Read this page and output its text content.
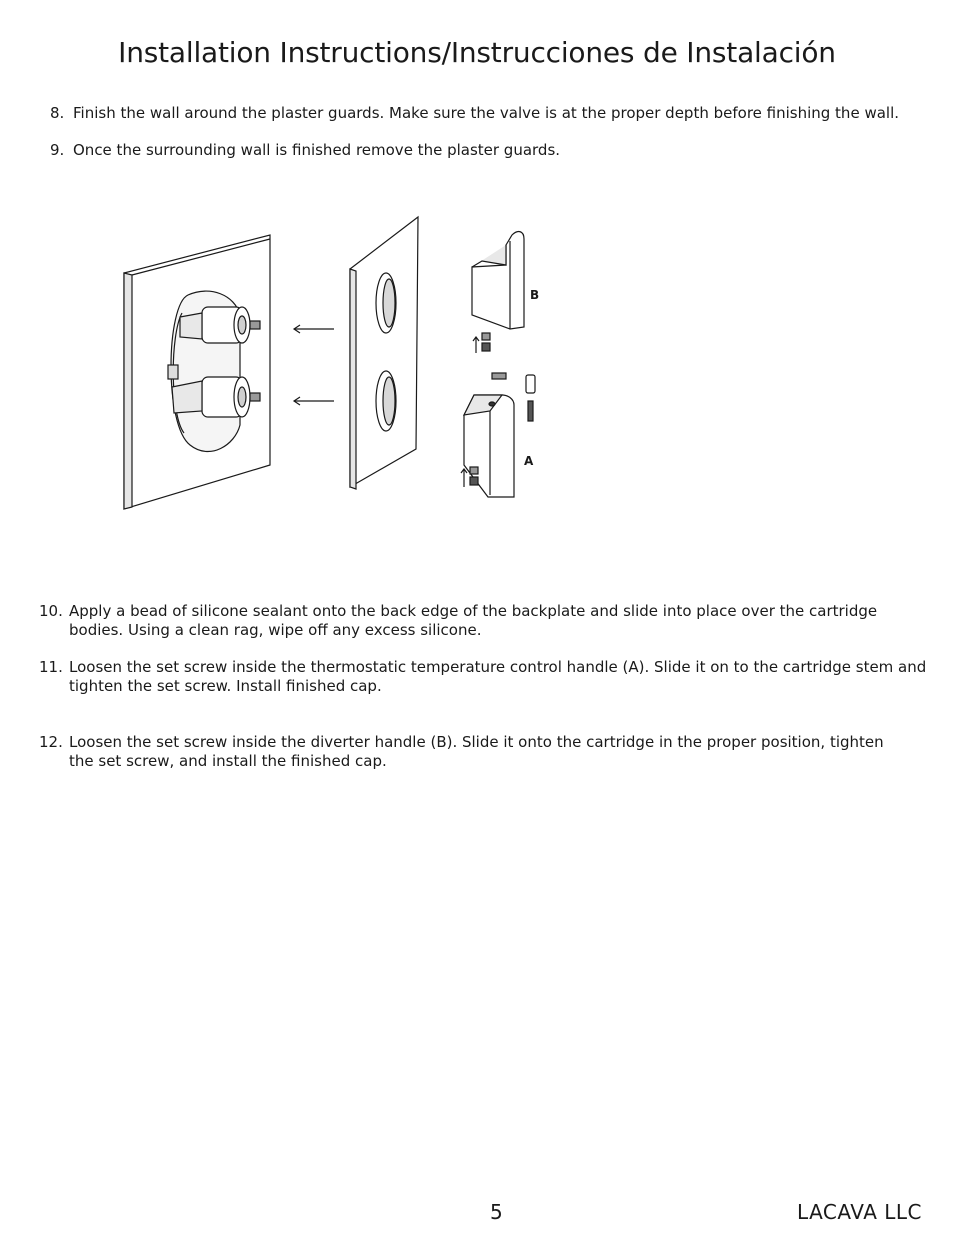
Installation Instructions/Instrucciones de Instalación
8. Finish the wall around the plaster guards. Make sure the valve is at the proper depth before finishing the wall.
9. Once the surrounding wall is finished remove the plaster guards.
B
A
10. Apply a bead of silicone sealant onto the back edge of the backplate and slide into place over the cartridge
bodies. Using a clean rag, wipe off any excess silicone.
11. Loosen the set screw inside the thermostatic temperature control handle (A). Slide it on to the cartridge stem and
tighten the set screw. Install finished cap.
12. Loosen the set screw inside the diverter handle (B). Slide it onto the cartridge in the proper position, tighten
the set screw, and install the finished cap.
5	LACAVA LLC
